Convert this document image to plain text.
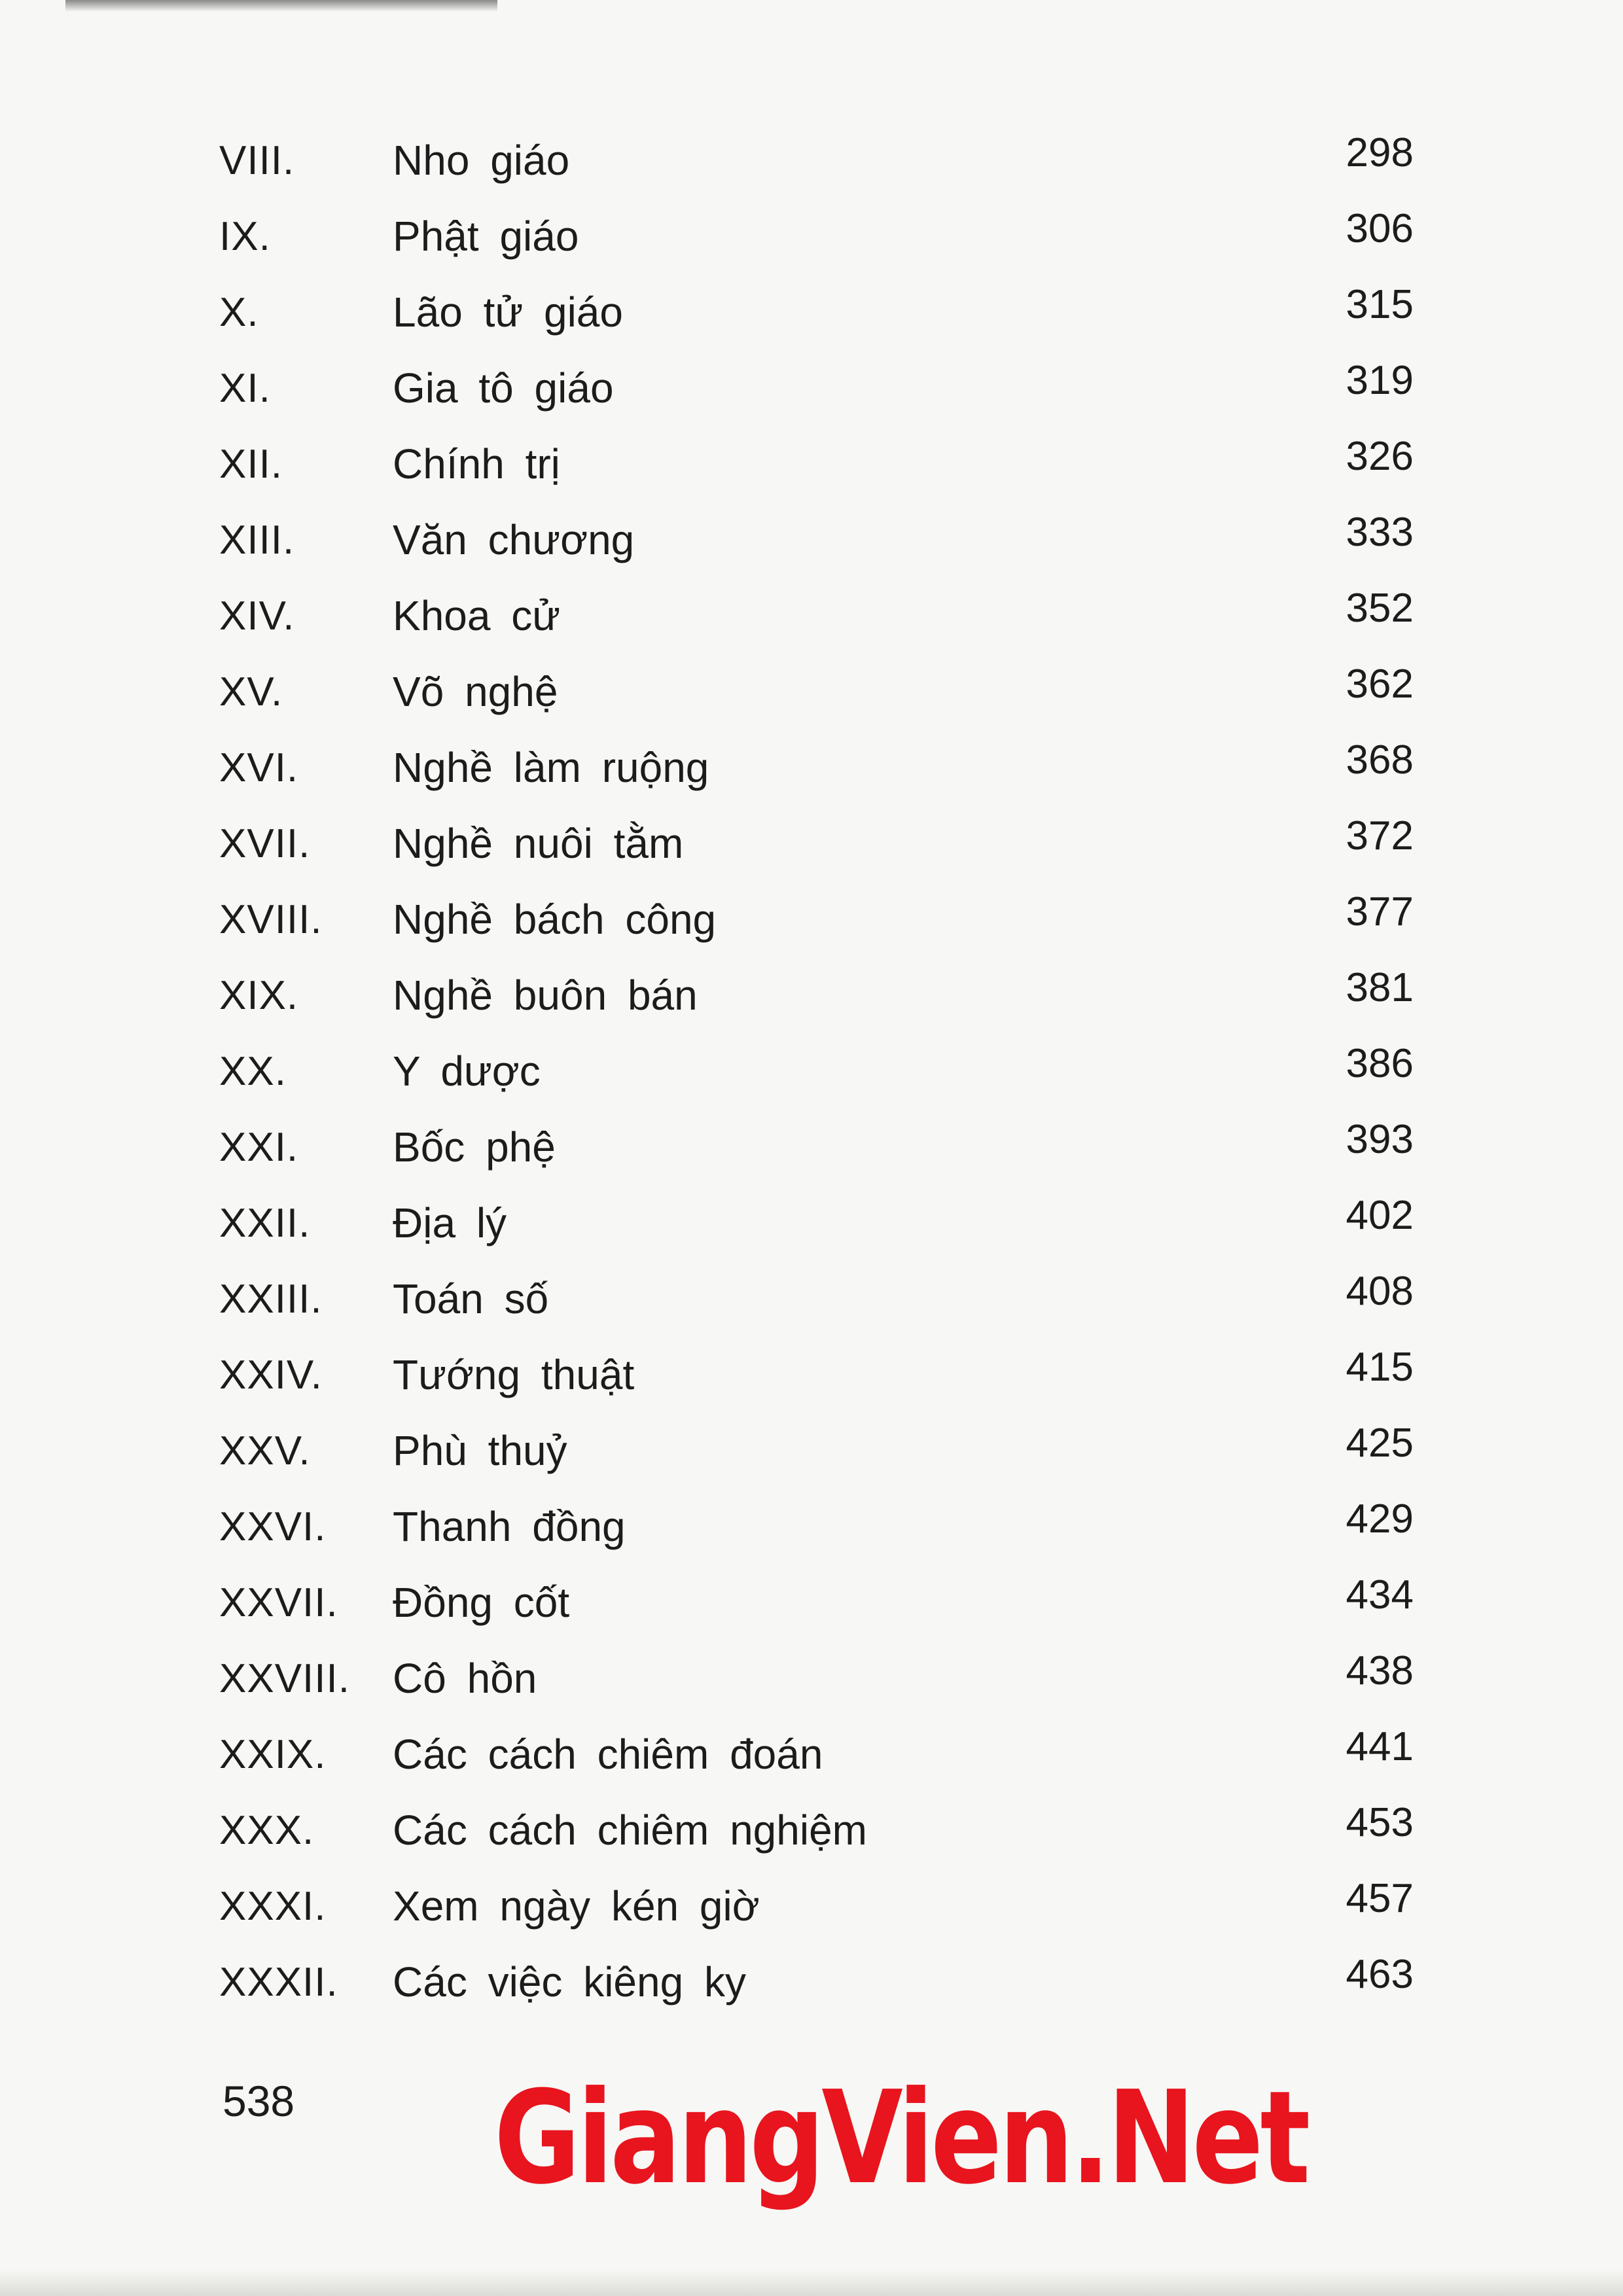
VIII. Nho giáo	298
IX.	Phật giáo	306
X.	Lão tử giáo	315
XI.	Gia tô giáo	319
XII.	Chính trị	326
XIII. Văn chương	333
XIV. Khoa cử	352
XV.	Võ nghệ	362
XVI. Nghề làm ruộng	368
XVII. Nghề nuôi tằm	372
XVIII. Nghề bách công	377
XIX. Nghề buôn bán	381
XX.	Y dược	386
XXI. Bốc phệ	393
XXII. Địa lý	402
XXIII. Toán số	408
XXIV. Tướng thuật	415
XXV. Phù thuỷ	425
XXVI. Thanh đồng	429
XXVII. Đồng cốt	434
XXVIII. Cô hồn	438
XXIX. Các cách chiêm đoán	441
XXX. Các cách chiêm nghiệm	453
XXXI. Xem ngày kén giờ	457
XXXII. Các việc kiêng ky	463
538 GiangVien.Net
